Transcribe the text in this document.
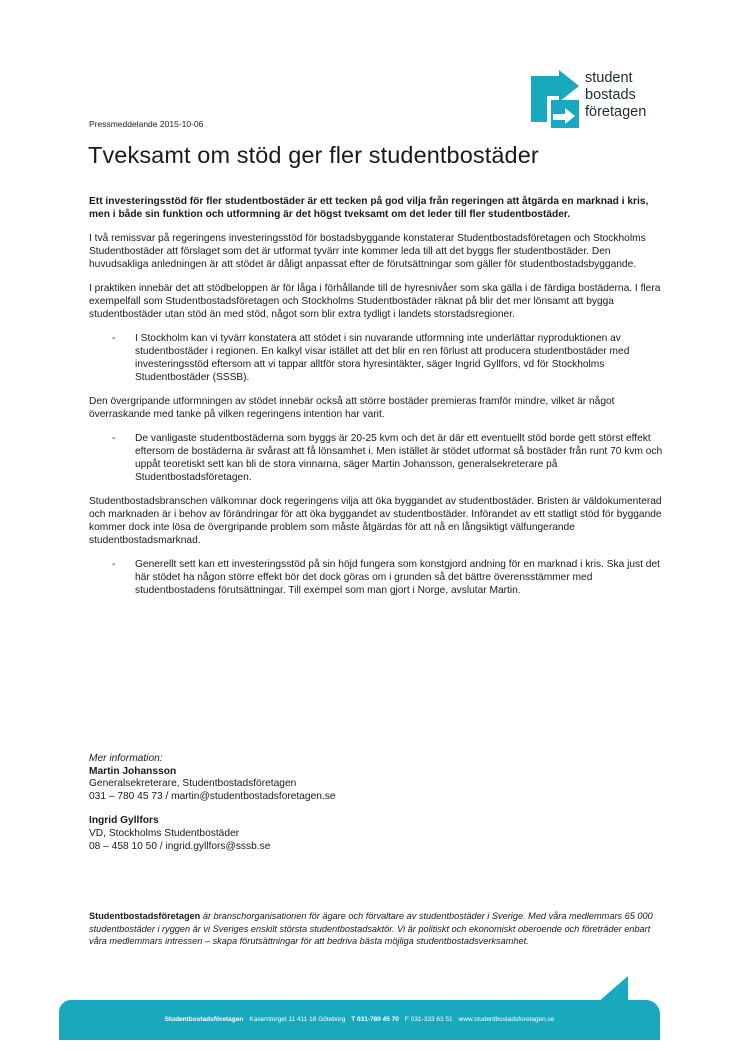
student
bostads
företagen
Pressmeddelande 2015-10-06
Tveksamt om stöd ger fler studentbostäder

Ett investeringsstöd för fler studentbostäder är ett tecken på god vilja från regeringen att åtgärda en marknad i kris, men i både sin funktion och utformning är det högst tveksamt om det leder till fler studentbostäder.

I två remissvar på regeringens investeringsstöd för bostadsbyggande konstaterar Studentbostadsföretagen och Stockholms Studentbostäder att förslaget som det är utformat tyvärr inte kommer leda till att det byggs fler studentbostäder. Den huvudsakliga anledningen är att stödet är dåligt anpassat efter de förutsättningar som gäller för studentbostadsbyggande.

I praktiken innebär det att stödbeloppen är för låga i förhållande till de hyresnivåer som ska gälla i de färdiga bostäderna. I flera exempelfall som Studentbostadsföretagen och Stockholms Studentbostäder räknat på blir det mer lönsamt att bygga studentbostäder utan stöd än med stöd, något som blir extra tydligt i landets storstadsregioner.

- I Stockholm kan vi tyvärr konstatera att stödet i sin nuvarande utformning inte underlättar nyproduktionen av studentbostäder i regionen. En kalkyl visar istället att det blir en ren förlust att producera studentbostäder med investeringsstöd eftersom att vi tappar alltför stora hyresintäkter, säger Ingrid Gyllfors, vd för Stockholms Studentbostäder (SSSB).

Den övergripande utformningen av stödet innebär också att större bostäder premieras framför mindre, vilket är något överraskande med tanke på vilken regeringens intention har varit.

- De vanligaste studentbostäderna som byggs är 20-25 kvm och det är där ett eventuellt stöd borde gett störst effekt eftersom de bostäderna är svårast att få lönsamhet i. Men istället är stödet utformat så bostäder från runt 70 kvm och uppåt teoretiskt sett kan bli de stora vinnarna, säger Martin Johansson, generalsekreterare på Studentbostadsföretagen.

Studentbostadsbranschen välkomnar dock regeringens vilja att öka byggandet av studentbostäder. Bristen är väldokumenterad och marknaden är i behov av förändringar för att öka byggandet av studentbostäder. Införandet av ett statligt stöd för byggande kommer dock inte lösa de övergripande problem som måste åtgärdas för att nå en långsiktigt välfungerande studentbostadsmarknad.

- Generellt sett kan ett investeringsstöd på sin höjd fungera som konstgjord andning för en marknad i kris. Ska just det här stödet ha någon större effekt bör det dock göras om i grunden så det bättre överensstämmer med studentbostadens förutsättningar. Till exempel som man gjort i Norge, avslutar Martin.
Mer information:
Martin Johansson
Generalsekreterare, Studentbostadsföretagen
031 – 780 45 73 / martin@studentbostadsforetagen.se
Ingrid Gyllfors
VD, Stockholms Studentbostäder
08 – 458 10 50 / ingrid.gyllfors@sssb.se
Studentbostadsföretagen är branschorganisationen för ägare och förvaltare av studentbostäder i Sverige. Med våra medlemmars 65 000 studentbostäder i ryggen är vi Sveriges enskilt största studentbostadsaktör. Vi är politiskt och ekonomiskt oberoende och företräder enbart våra medlemmars intressen – skapa förutsättningar för att bedriva bästa möjliga studentbostadsverksamhet.
Studentbostadsföretagen Kaserntorget 11 411 18 Göteborg T 031-780 45 70 F 031-333 63 51 www.studentbostadsforetagen.se
